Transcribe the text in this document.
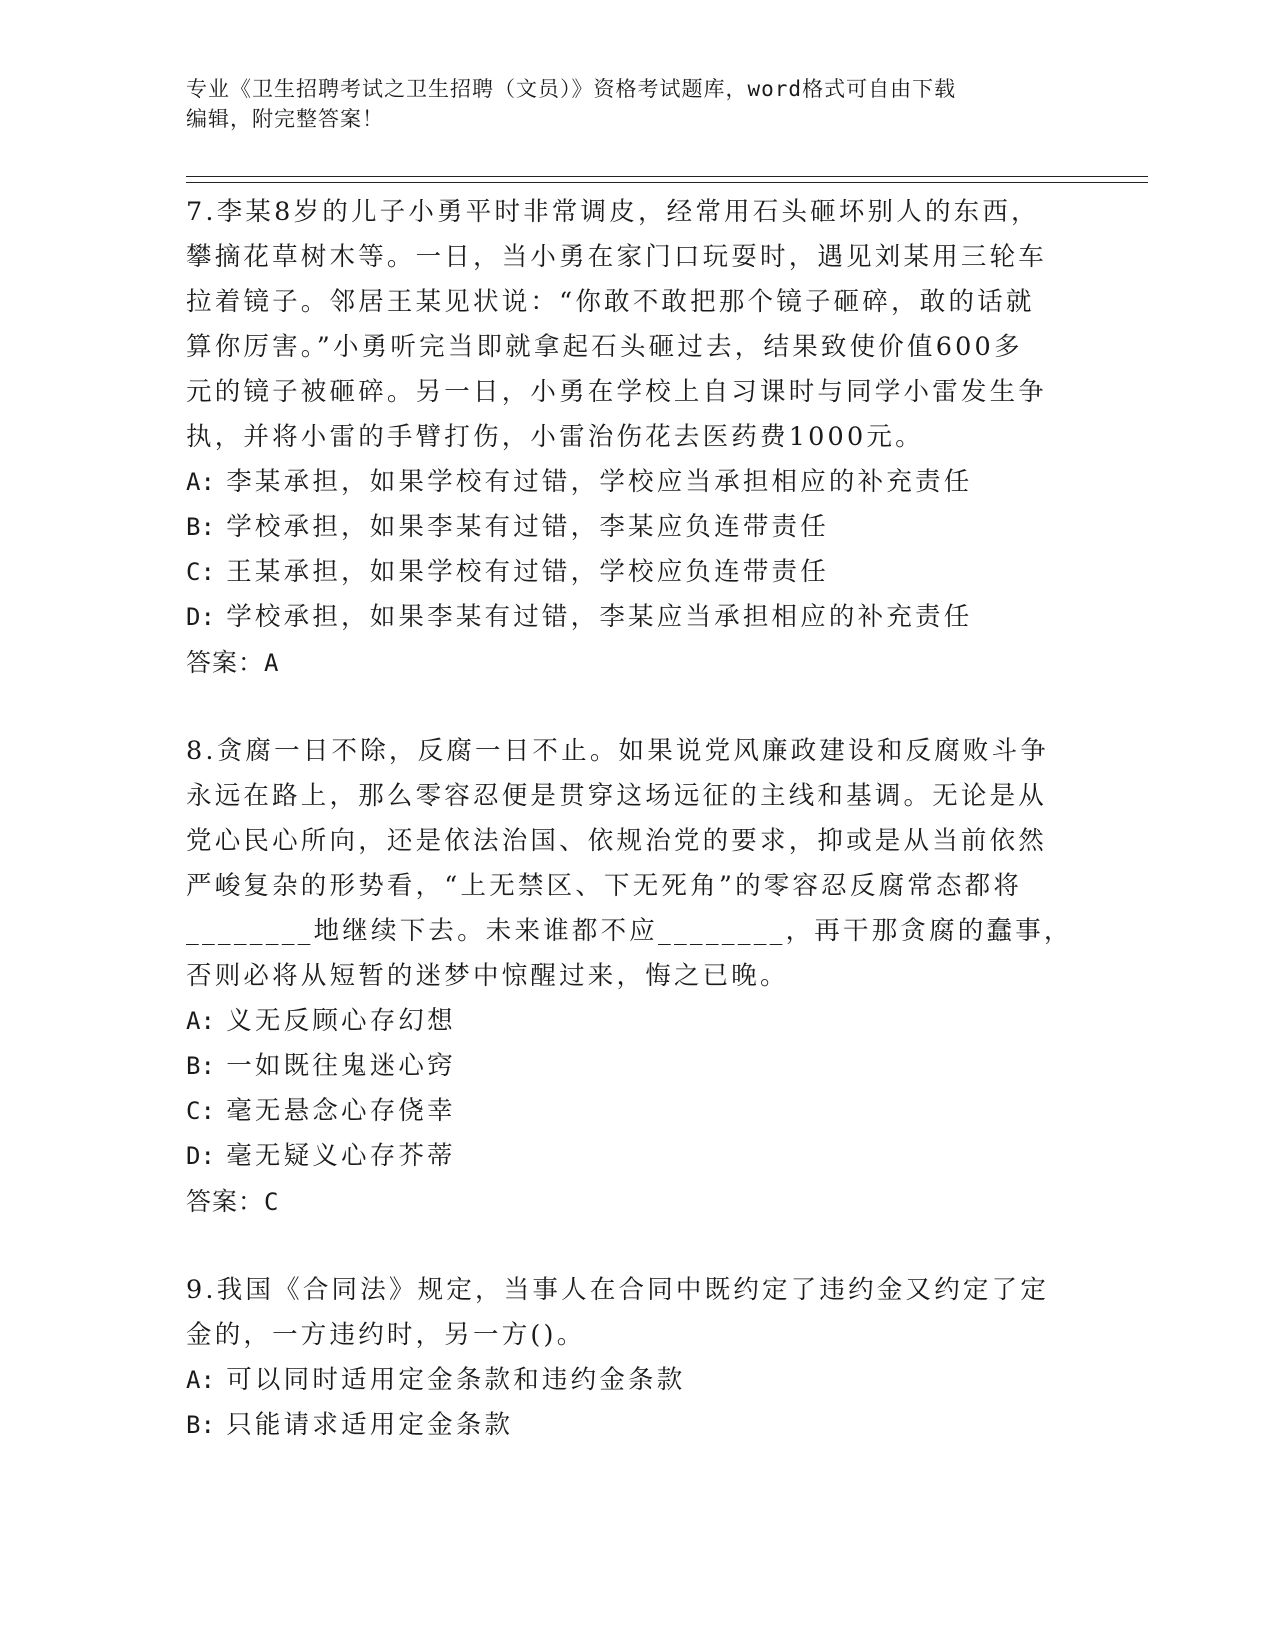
专业《卫生招聘考试之卫生招聘（文员）》资格考试题库，word格式可自由下载
编辑，附完整答案！
7.李某8岁的儿子小勇平时非常调皮，经常用石头砸坏别人的东西，
攀摘花草树木等。一日，当小勇在家门口玩耍时，遇见刘某用三轮车
拉着镜子。邻居王某见状说：“你敢不敢把那个镜子砸碎，敢的话就
算你厉害。”小勇听完当即就拿起石头砸过去，结果致使价值600多
元的镜子被砸碎。另一日，小勇在学校上自习课时与同学小雷发生争
执，并将小雷的手臂打伤，小雷治伤花去医药费1000元。
A: 李某承担，如果学校有过错，学校应当承担相应的补充责任
B: 学校承担，如果李某有过错，李某应负连带责任
C: 王某承担，如果学校有过错，学校应负连带责任
D: 学校承担，如果李某有过错，李某应当承担相应的补充责任
答案：A
8.贪腐一日不除，反腐一日不止。如果说党风廉政建设和反腐败斗争
永远在路上，那么零容忍便是贯穿这场远征的主线和基调。无论是从
党心民心所向，还是依法治国、依规治党的要求，抑或是从当前依然
严峻复杂的形势看，“上无禁区、下无死角”的零容忍反腐常态都将
________地继续下去。未来谁都不应________，再干那贪腐的蠢事，
否则必将从短暂的迷梦中惊醒过来，悔之已晚。
A: 义无反顾心存幻想
B: 一如既往鬼迷心窍
C: 毫无悬念心存侥幸
D: 毫无疑义心存芥蒂
答案：C
9.我国《合同法》规定，当事人在合同中既约定了违约金又约定了定
金的，一方违约时，另一方()。
A: 可以同时适用定金条款和违约金条款
B: 只能请求适用定金条款
